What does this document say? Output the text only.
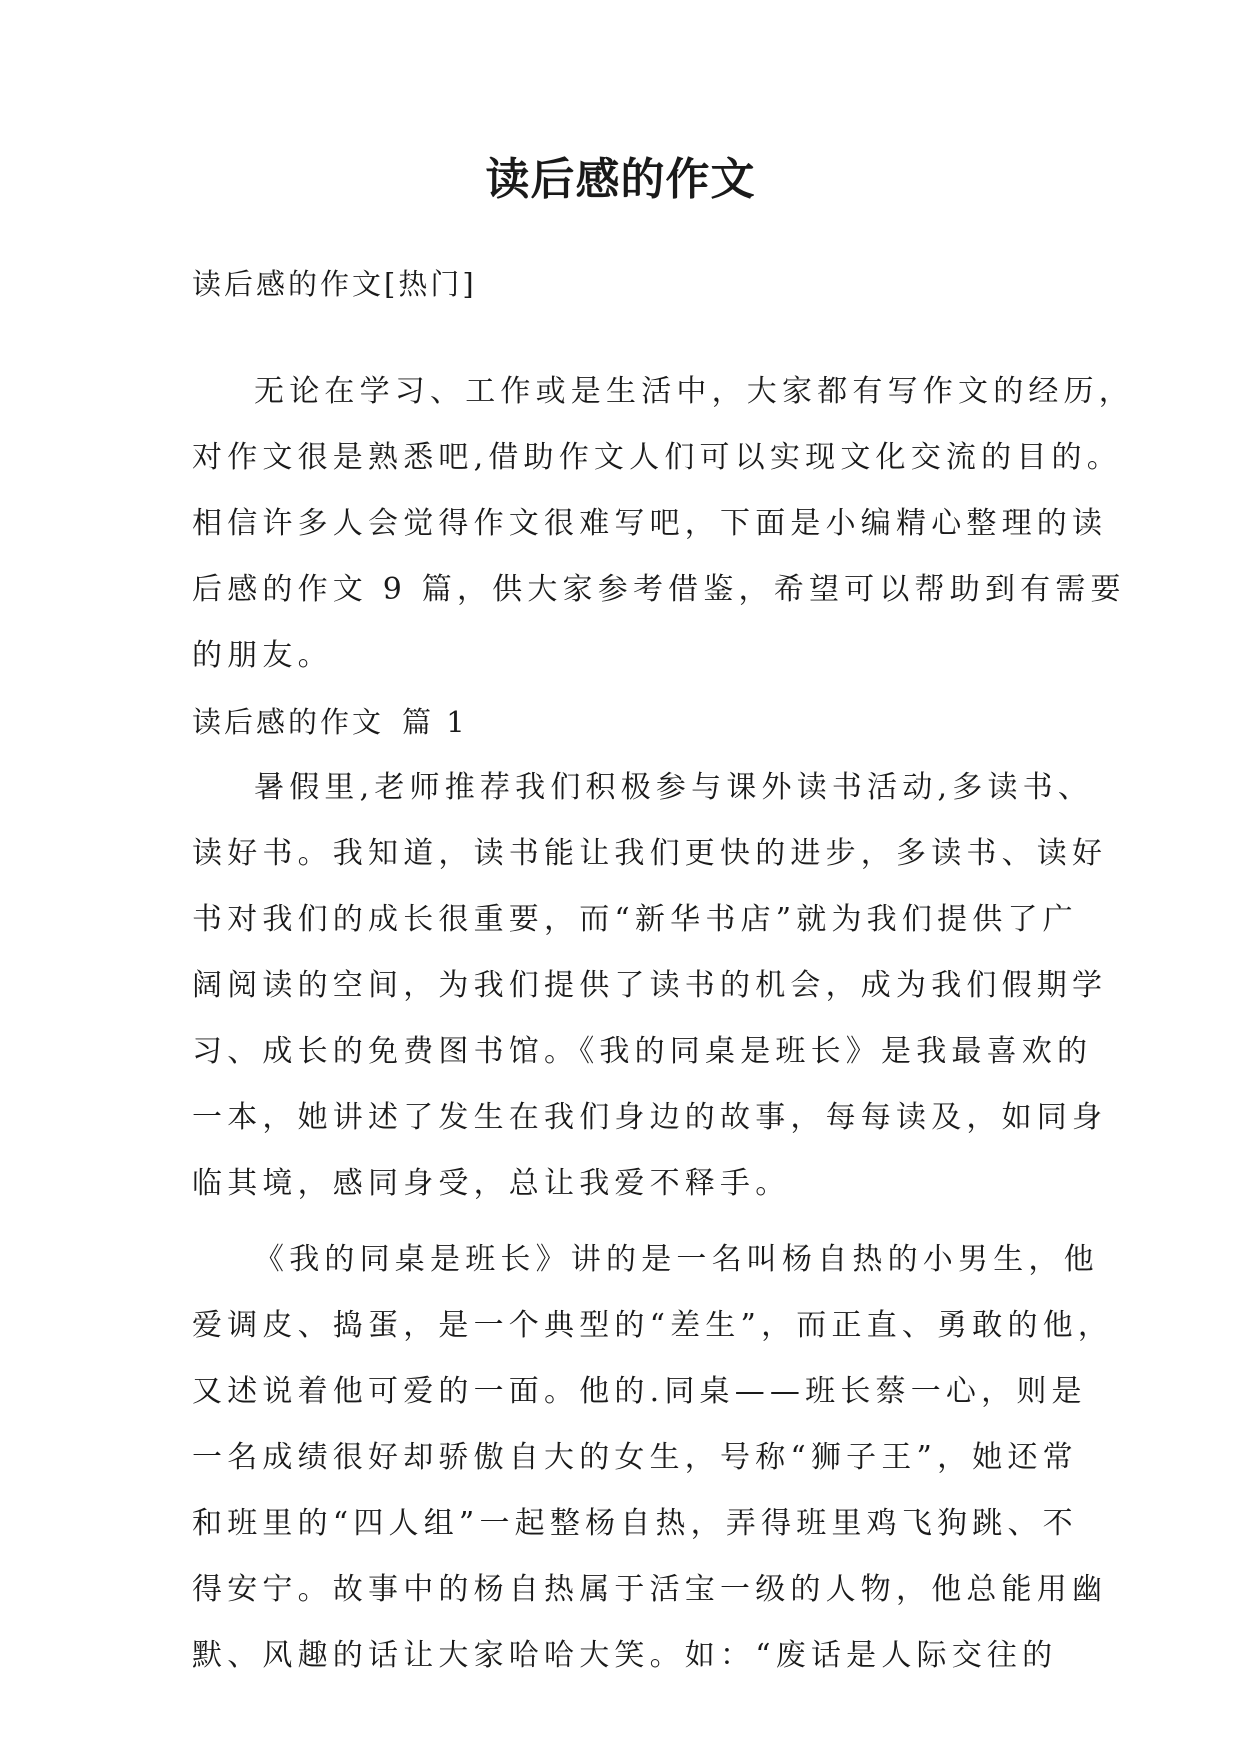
读后感的作文
读后感的作文[热门]
无论在学习、工作或是生活中，大家都有写作文的经历，
对作文很是熟悉吧,借助作文人们可以实现文化交流的目的。
相信许多人会觉得作文很难写吧，下面是小编精心整理的读
后感的作文 9 篇，供大家参考借鉴，希望可以帮助到有需要
的朋友。
读后感的作文 篇 1
暑假里,老师推荐我们积极参与课外读书活动,多读书、
读好书。我知道，读书能让我们更快的进步，多读书、读好
书对我们的成长很重要，而“新华书店”就为我们提供了广
阔阅读的空间，为我们提供了读书的机会，成为我们假期学
习、成长的免费图书馆。《我的同桌是班长》是我最喜欢的
一本，她讲述了发生在我们身边的故事，每每读及，如同身
临其境，感同身受，总让我爱不释手。
《我的同桌是班长》讲的是一名叫杨自热的小男生，他
爱调皮、捣蛋，是一个典型的“差生”，而正直、勇敢的他，
又述说着他可爱的一面。他的.同桌——班长蔡一心，则是
一名成绩很好却骄傲自大的女生，号称“狮子王”，她还常
和班里的“四人组”一起整杨自热，弄得班里鸡飞狗跳、不
得安宁。故事中的杨自热属于活宝一级的人物，他总能用幽
默、风趣的话让大家哈哈大笑。如：“废话是人际交往的
